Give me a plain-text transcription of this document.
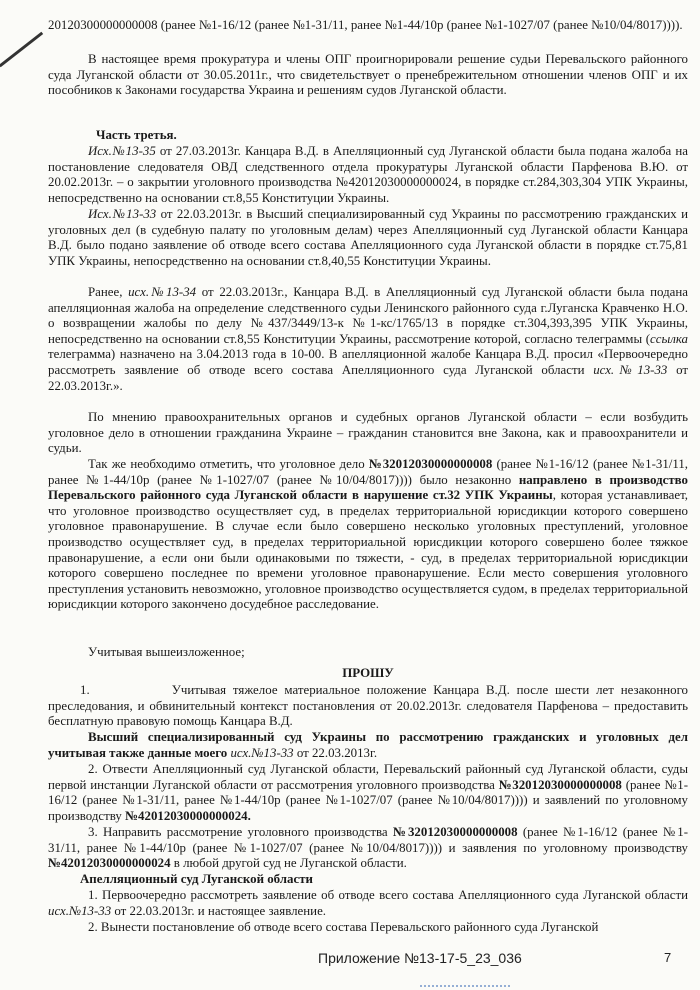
​20120300000000008 (ранее №1-16/12 (ранее №1-31/11, ранее №1-44/10р (ранее №1-1027/07 (ранее №10/04/8017)))).
В настоящее время прокуратура и члены ОПГ проигнорировали решение судьи Перевальского районного суда Луганской области от 30.05.2011г., что свидетельствует о пренебрежительном отношении членов ОПГ и их пособников к Законами государства Украина и решениям судов Луганской области.
Часть третья.
Исх.№13-35 от 27.03.2013г. Канцара В.Д. в Апелляционный суд Луганской области была подана жалоба на постановление следователя ОВД следственного отдела прокуратуры Луганской области Парфенова В.Ю. от 20.02.2013г. – о закрытии уголовного производства №42012030000000024, в порядке ст.284,303,304 УПК Украины, непосредственно на основании ст.8,55 Конституции Украины.
Исх.№13-33 от 22.03.2013г. в Высший специализированный суд Украины по рассмотрению гражданских и уголовных дел (в судебную палату по уголовным делам) через Апелляционный суд Луганской области Канцара В.Д. было подано заявление об отводе всего состава Апелляционного суда Луганской области в порядке ст.75,81 УПК Украины, непосредственно на основании ст.8,40,55 Конституции Украины.
Ранее, исх.№13-34 от 22.03.2013г., Канцара В.Д. в Апелляционный суд Луганской области была подана апелляционная жалоба на определение следственного судьи Ленинского районного суда г.Луганска Кравченко Н.О. о возвращении жалобы по делу №437/3449/13-к №1-кс/1765/13 в порядке ст.304,393,395 УПК Украины, непосредственно на основании ст.8,55 Конституции Украины, рассмотрение которой, согласно телеграммы (ссылка телеграмма) назначено на 3.04.2013 года в 10-00. В апелляционной жалобе Канцара В.Д. просил «Первоочередно рассмотреть заявление об отводе всего состава Апелляционного суда Луганской области исх.№13-33 от 22.03.2013г.».
По мнению правоохранительных органов и судебных органов Луганской области – если возбудить уголовное дело в отношении гражданина Украине – гражданин становится вне Закона, как и правоохранители и судьи.
Так же необходимо отметить, что уголовное дело №32012030000000008 (ранее №1-16/12 (ранее №1-31/11, ранее №1-44/10р (ранее №1-1027/07 (ранее №10/04/8017)))) было незаконно направлено в производство Перевальского районного суда Луганской области в нарушение ст.32 УПК Украины, которая устанавливает, что уголовное производство осуществляет суд, в пределах территориальной юрисдикции которого совершено уголовное правонарушение. В случае если было совершено несколько уголовных преступлений, уголовное производство осуществляет суд, в пределах территориальной юрисдикции которого совершено более тяжкое правонарушение, а если они были одинаковыми по тяжести, - суд, в пределах территориальной юрисдикции которого совершено последнее по времени уголовное правонарушение. Если место совершения уголовного преступления установить невозможно, уголовное производство осуществляется судом, в пределах территориальной юрисдикции которого закончено досудебное расследование.
Учитывая вышеизложенное;
ПРОШУ
1.            Учитывая тяжелое материальное положение Канцара В.Д. после шести лет незаконного преследования, и обвинительный контекст постановления от 20.02.2013г. следователя Парфенова – предоставить бесплатную правовую помощь Канцара В.Д.
Высший специализированный суд Украины по рассмотрению гражданских и уголовных дел учитывая также данные моего исх.№13-33 от 22.03.2013г.
2. Отвести Апелляционный суд Луганской области, Перевальский районный суд Луганской области, суды первой инстанции Луганской области от рассмотрения уголовного производства №32012030000000008 (ранее №1-16/12 (ранее №1-31/11, ранее №1-44/10р (ранее №1-1027/07 (ранее №10/04/8017)))) и заявлений по уголовному производству №42012030000000024.
3. Направить рассмотрение уголовного производства №32012030000000008 (ранее №1-16/12 (ранее №1-31/11, ранее №1-44/10р (ранее №1-1027/07 (ранее №10/04/8017)))) и заявления по уголовному производству №42012030000000024 в любой другой суд не Луганской области.
Апелляционный суд Луганской области
1. Первоочередно рассмотреть заявление об отводе всего состава Апелляционного суда Луганской области исх.№13-33 от 22.03.2013г. и настоящее заявление.
2. Вынести постановление об отводе всего состава Перевальского районного суда Луганской
Приложение №13-17-5_23_036	7
